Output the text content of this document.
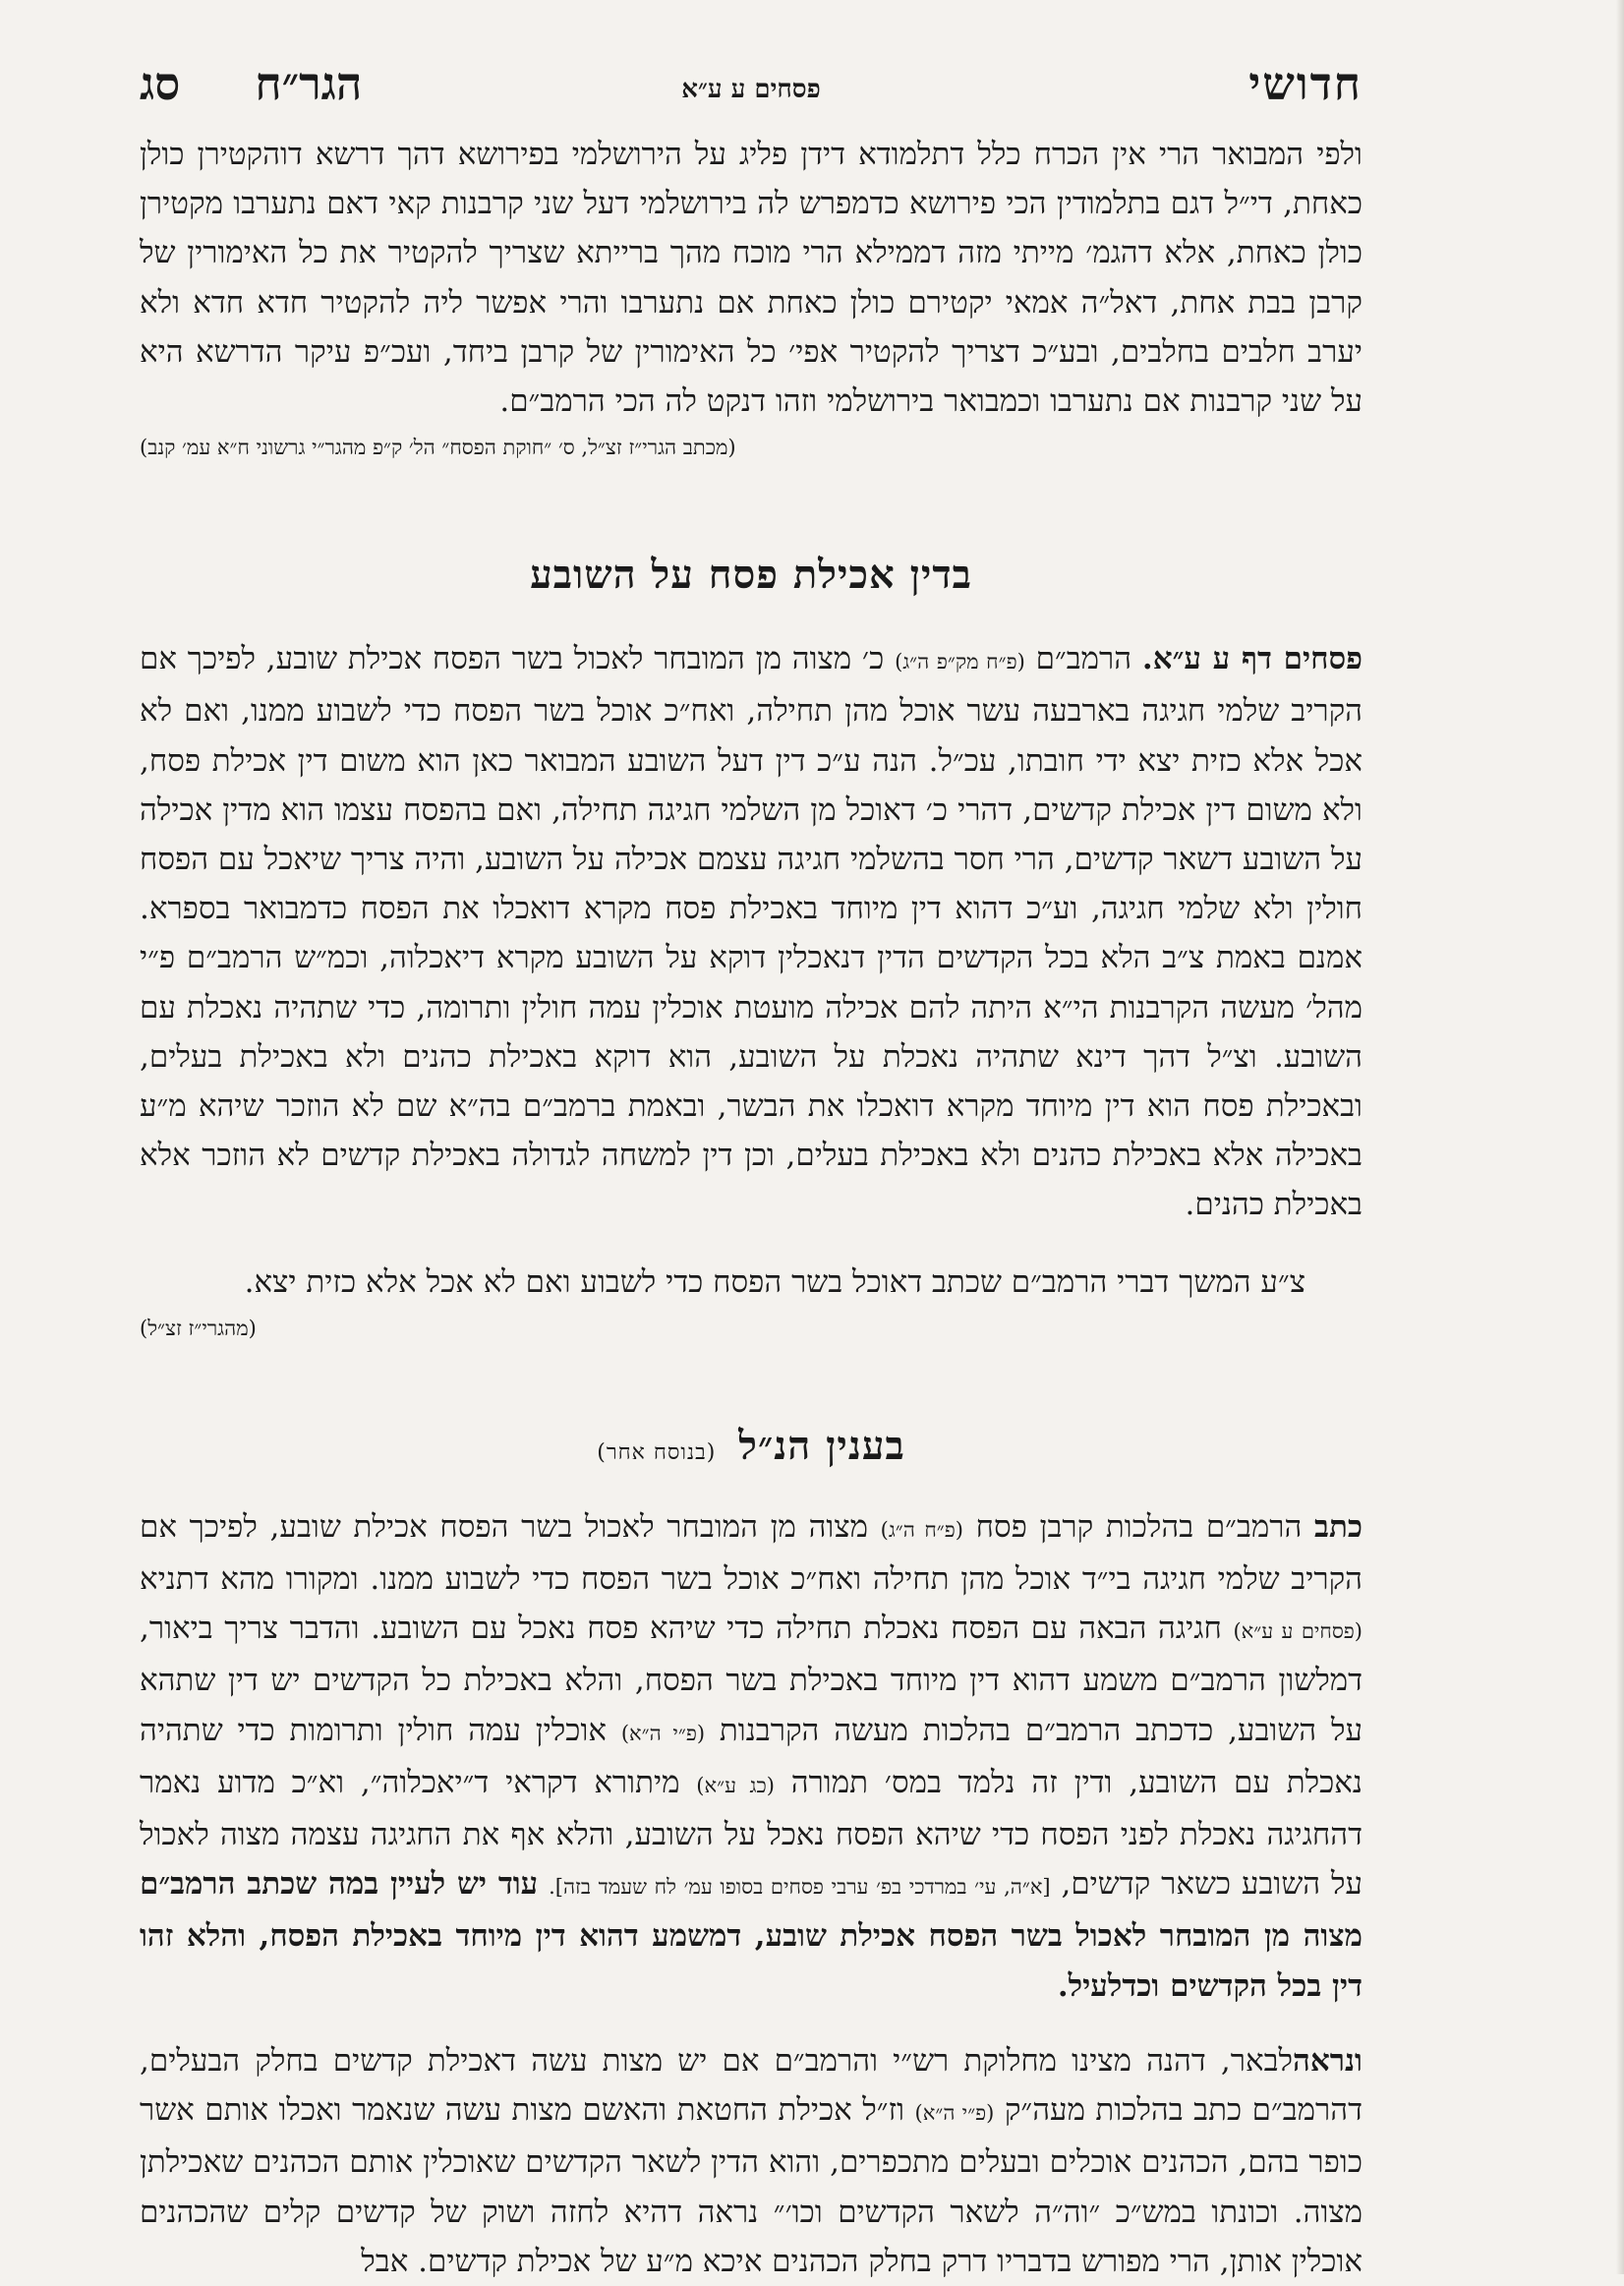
חדושי
פסחים ע ע״א
הגר״ח סג

ולפי המבואר הרי אין הכרח כלל דתלמודא דידן פליג על הירושלמי בפירושא דהך דרשא דוהקטירן כולן כאחת, די״ל דגם בתלמודין הכי פירושא כדמפרש לה בירושלמי דעל שני קרבנות קאי דאם נתערבו מקטירן כולן כאחת, אלא דהגמ׳ מייתי מזה דממילא הרי מוכח מהך ברייתא שצריך להקטיר את כל האימורין של קרבן בבת אחת, דאל״ה אמאי יקטירם כולן כאחת אם נתערבו והרי אפשר ליה להקטיר חדא חדא ולא יערב חלבים בחלבים, ובע״כ דצריך להקטיר אפי׳ כל האימורין של קרבן ביחד, ועכ״פ עיקר הדרשא היא על שני קרבנות אם נתערבו וכמבואר בירושלמי וזהו דנקט לה הכי הרמב״ם.

(מכתב הגרי״ז זצ״ל, ס׳ ״חוקת הפסח״ הל׳ ק״פ מהגר״י גרשוני ח״א עמ׳ קנב)
בדין אכילת פסח על השובע

פסחים דף ע ע״א. הרמב״ם (פ״ח מק״פ ה״ג) כ׳ מצוה מן המובחר לאכול בשר הפסח אכילת שובע, לפיכך אם הקריב שלמי חגיגה בארבעה עשר אוכל מהן תחילה, ואח״כ אוכל בשר הפסח כדי לשבוע ממנו, ואם לא אכל אלא כזית יצא ידי חובתו, עכ״ל. הנה ע״כ דין דעל השובע המבואר כאן הוא משום דין אכילת פסח, ולא משום דין אכילת קדשים, דהרי כ׳ דאוכל מן השלמי חגיגה תחילה, ואם בהפסח עצמו הוא מדין אכילה על השובע דשאר קדשים, הרי חסר בהשלמי חגיגה עצמם אכילה על השובע, והיה צריך שיאכל עם הפסח חולין ולא שלמי חגיגה, וע״כ דהוא דין מיוחד באכילת פסח מקרא דואכלו את הפסח כדמבואר בספרא. אמנם באמת צ״ב הלא בכל הקדשים הדין דנאכלין דוקא על השובע מקרא דיאכלוה, וכמ״ש הרמב״ם פ״י מהל׳ מעשה הקרבנות הי״א היתה להם אכילה מועטת אוכלין עמה חולין ותרומה, כדי שתהיה נאכלת עם השובע. וצ״ל דהך דינא שתהיה נאכלת על השובע, הוא דוקא באכילת כהנים ולא באכילת בעלים, ובאכילת פסח הוא דין מיוחד מקרא דואכלו את הבשר, ובאמת ברמב״ם בה״א שם לא הוזכר שיהא מ״ע באכילה אלא באכילת כהנים ולא באכילת בעלים, וכן דין למשחה לגדולה באכילת קדשים לא הוזכר אלא באכילת כהנים.

צ״ע המשך דברי הרמב״ם שכתב דאוכל בשר הפסח כדי לשבוע ואם לא אכל אלא כזית יצא.

(מהגרי״ז זצ״ל)
בענין הנ״ל (בנוסח אחר)

כתב הרמב״ם בהלכות קרבן פסח (פ״ח ה״ג) מצוה מן המובחר לאכול בשר הפסח אכילת שובע, לפיכך אם הקריב שלמי חגיגה בי״ד אוכל מהן תחילה ואח״כ אוכל בשר הפסח כדי לשבוע ממנו. ומקורו מהא דתניא (פסחים ע ע״א) חגיגה הבאה עם הפסח נאכלת תחילה כדי שיהא פסח נאכל עם השובע. והדבר צריך ביאור, דמלשון הרמב״ם משמע דהוא דין מיוחד באכילת בשר הפסח, והלא באכילת כל הקדשים יש דין שתהא על השובע, כדכתב הרמב״ם בהלכות מעשה הקרבנות (פ״י ה״א) אוכלין עמה חולין ותרומות כדי שתהיה נאכלת עם השובע, ודין זה נלמד במס׳ תמורה (כג ע״א) מיתורא דקראי ד״יאכלוה״, וא״כ מדוע נאמר דהחגיגה נאכלת לפני הפסח כדי שיהא הפסח נאכל על השובע, והלא אף את החגיגה עצמה מצוה לאכול על השובע כשאר קדשים, [א״ה, עי׳ במרדכי בפ׳ ערבי פסחים בסופו עמ׳ לח שעמד בזה]. עוד יש לעיין במה שכתב הרמב״ם מצוה מן המובחר לאכול בשר הפסח אכילת שובע, דמשמע דהוא דין מיוחד באכילת הפסח, והלא זהו דין בכל הקדשים וכדלעיל.

ונראהלבאר, דהנה מצינו מחלוקת רש״י והרמב״ם אם יש מצות עשה דאכילת קדשים בחלק הבעלים, דהרמב״ם כתב בהלכות מעה״ק (פ״י ה״א) וז״ל אכילת החטאת והאשם מצות עשה שנאמר ואכלו אותם אשר כופר בהם, הכהנים אוכלים ובעלים מתכפרים, והוא הדין לשאר הקדשים שאוכלין אותם הכהנים שאכילתן מצוה. וכונתו במש״כ ״וה״ה לשאר הקדשים וכו׳״ נראה דהיא לחזה ושוק של קדשים קלים שהכהנים אוכלין אותן, הרי מפורש בדבריו דרק בחלק הכהנים איכא מ״ע של אכילת קדשים. אבל
